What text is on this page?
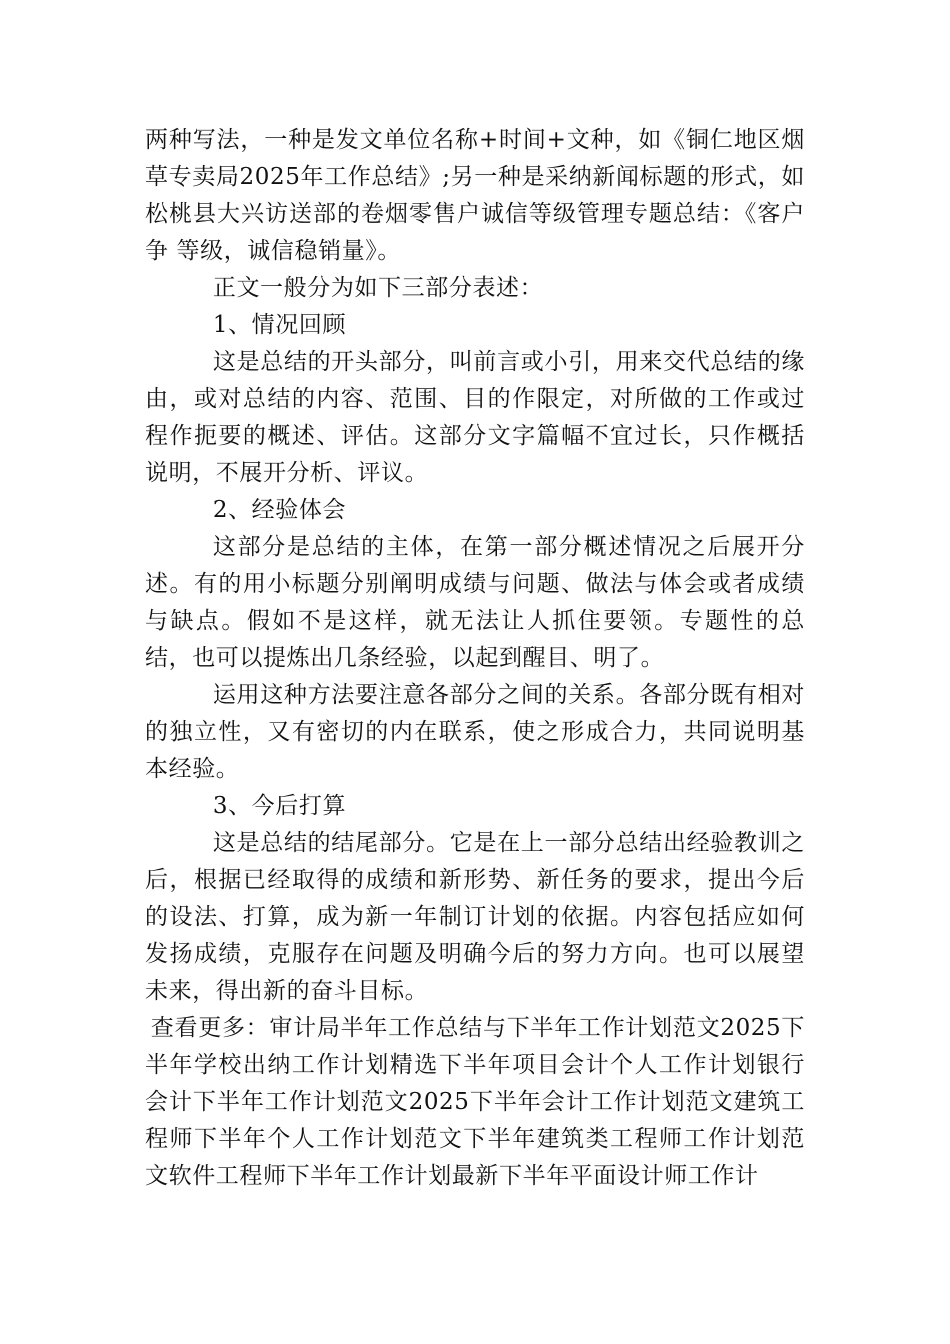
两种写法，一种是发文单位名称+时间+文种，如《铜仁地区烟草专卖局2025年工作总结》;另一种是采纳新闻标题的形式，如松桃县大兴访送部的卷烟零售户诚信等级管理专题总结：《客户争 等级，诚信稳销量》。

正文一般分为如下三部分表述：

1、情况回顾

这是总结的开头部分，叫前言或小引，用来交代总结的缘由，或对总结的内容、范围、目的作限定，对所做的工作或过程作扼要的概述、评估。这部分文字篇幅不宜过长，只作概括说明，不展开分析、评议。

2、经验体会

这部分是总结的主体，在第一部分概述情况之后展开分述。有的用小标题分别阐明成绩与问题、做法与体会或者成绩与缺点。假如不是这样，就无法让人抓住要领。专题性的总结，也可以提炼出几条经验，以起到醒目、明了。

运用这种方法要注意各部分之间的关系。各部分既有相对的独立性，又有密切的内在联系，使之形成合力，共同说明基本经验。

3、今后打算

这是总结的结尾部分。它是在上一部分总结出经验教训之后，根据已经取得的成绩和新形势、新任务的要求，提出今后的设法、打算，成为新一年制订计划的依据。内容包括应如何发扬成绩，克服存在问题及明确今后的努力方向。也可以展望未来，得出新的奋斗目标。

查看更多：审计局半年工作总结与下半年工作计划范文2025下半年学校出纳工作计划精选下半年项目会计个人工作计划银行会计下半年工作计划范文2025下半年会计工作计划范文建筑工程师下半年个人工作计划范文下半年建筑类工程师工作计划范文软件工程师下半年工作计划最新下半年平面设计师工作计
